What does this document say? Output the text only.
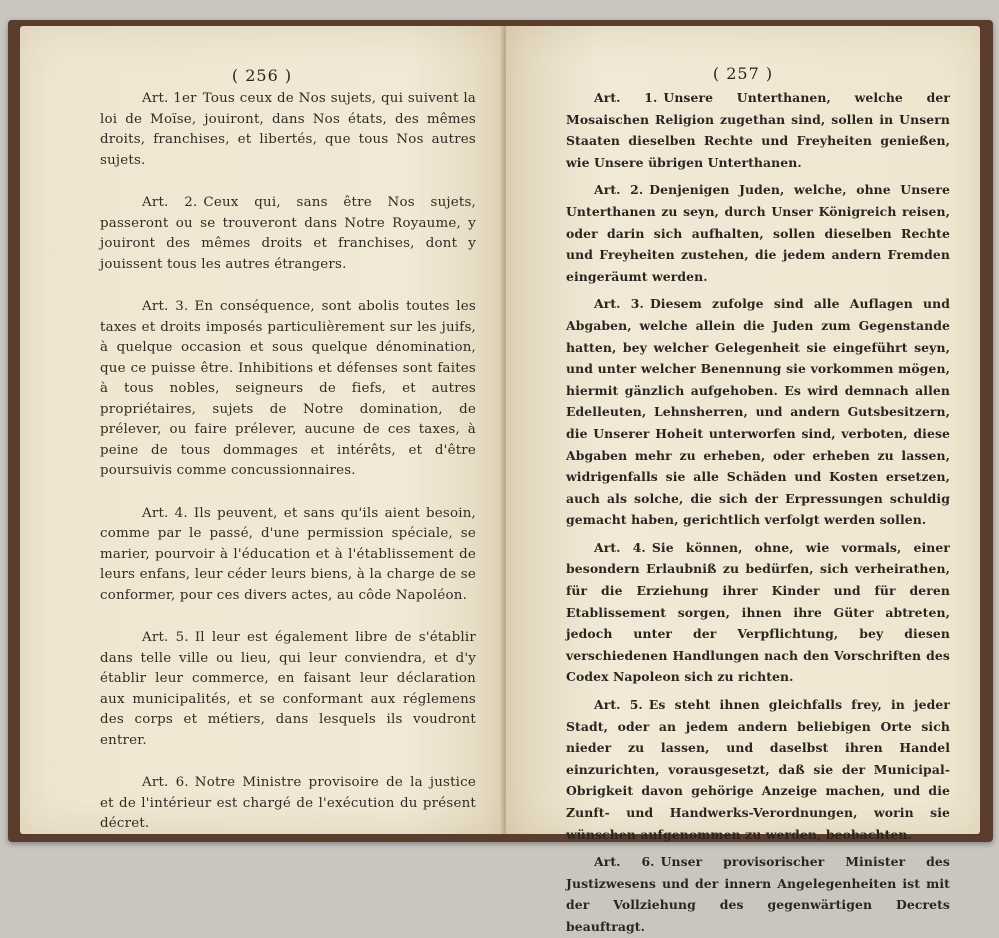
( 256 )

Art. 1er Tous ceux de Nos sujets, qui suivent la loi de Moïse, jouiront, dans Nos états, des mêmes droits, franchises, et libertés, que tous Nos autres sujets.

Art. 2. Ceux qui, sans être Nos sujets, passeront ou se trouveront dans Notre Royaume, y jouiront des mêmes droits et franchises, dont y jouissent tous les autres étrangers.

Art. 3. En conséquence, sont abolis toutes les taxes et droits imposés particulièrement sur les juifs, à quelque occasion et sous quelque dénomination, que ce puisse être. Inhibitions et défenses sont faites à tous nobles, seigneurs de fiefs, et autres propriétaires, sujets de Notre domination, de prélever, ou faire prélever, aucune de ces taxes, à peine de tous dommages et intérêts, et d'être poursuivis comme concussionnaires.

Art. 4. Ils peuvent, et sans qu'ils aient besoin, comme par le passé, d'une permission spéciale, se marier, pourvoir à l'éducation et à l'établissement de leurs enfans, leur céder leurs biens, à la charge de se conformer, pour ces divers actes, au côde Napoléon.

Art. 5. Il leur est également libre de s'établir dans telle ville ou lieu, qui leur conviendra, et d'y établir leur commerce, en faisant leur déclaration aux municipalités, et se conformant aux réglemens des corps et métiers, dans lesquels ils voudront entrer.

Art. 6. Notre Ministre provisoire de la justice et de l'intérieur est chargé de l'exécution du présent décret.

( 257 )

Art. 1. Unsere Unterthanen, welche der Mosaischen Religion zugethan sind, sollen in Unsern Staaten dieselben Rechte und Freyheiten genießen, wie Unsere übrigen Unterthanen.

Art. 2. Denjenigen Juden, welche, ohne Unsere Unterthanen zu seyn, durch Unser Königreich reisen, oder darin sich aufhalten, sollen dieselben Rechte und Freyheiten zustehen, die jedem andern Fremden eingeräumt werden.

Art. 3. Diesem zufolge sind alle Auflagen und Abgaben, welche allein die Juden zum Gegenstande hatten, bey welcher Gelegenheit sie eingeführt seyn, und unter welcher Benennung sie vorkommen mögen, hiermit gänzlich aufgehoben. Es wird demnach allen Edelleuten, Lehnsherren, und andern Gutsbesitzern, die Unserer Hoheit unterworfen sind, verboten, diese Abgaben mehr zu erheben, oder erheben zu lassen, widrigenfalls sie alle Schäden und Kosten ersetzen, auch als solche, die sich der Erpressungen schuldig gemacht haben, gerichtlich verfolgt werden sollen.

Art. 4. Sie können, ohne, wie vormals, einer besondern Erlaubniß zu bedürfen, sich verheirathen, für die Erziehung ihrer Kinder und für deren Etablissement sorgen, ihnen ihre Güter abtreten, jedoch unter der Verpflichtung, bey diesen verschiedenen Handlungen nach den Vorschriften des Codex Napoleon sich zu richten.

Art. 5. Es steht ihnen gleichfalls frey, in jeder Stadt, oder an jedem andern beliebigen Orte sich nieder zu lassen, und daselbst ihren Handel einzurichten, vorausgesetzt, daß sie der Municipal-Obrigkeit davon gehörige Anzeige machen, und die Zunft- und Handwerks-Verordnungen, worin sie wünschen aufgenommen zu werden, beobachten.

Art. 6. Unser provisorischer Minister des Justizwesens und der innern Angelegenheiten ist mit der Vollziehung des gegenwärtigen Decrets beauftragt.
